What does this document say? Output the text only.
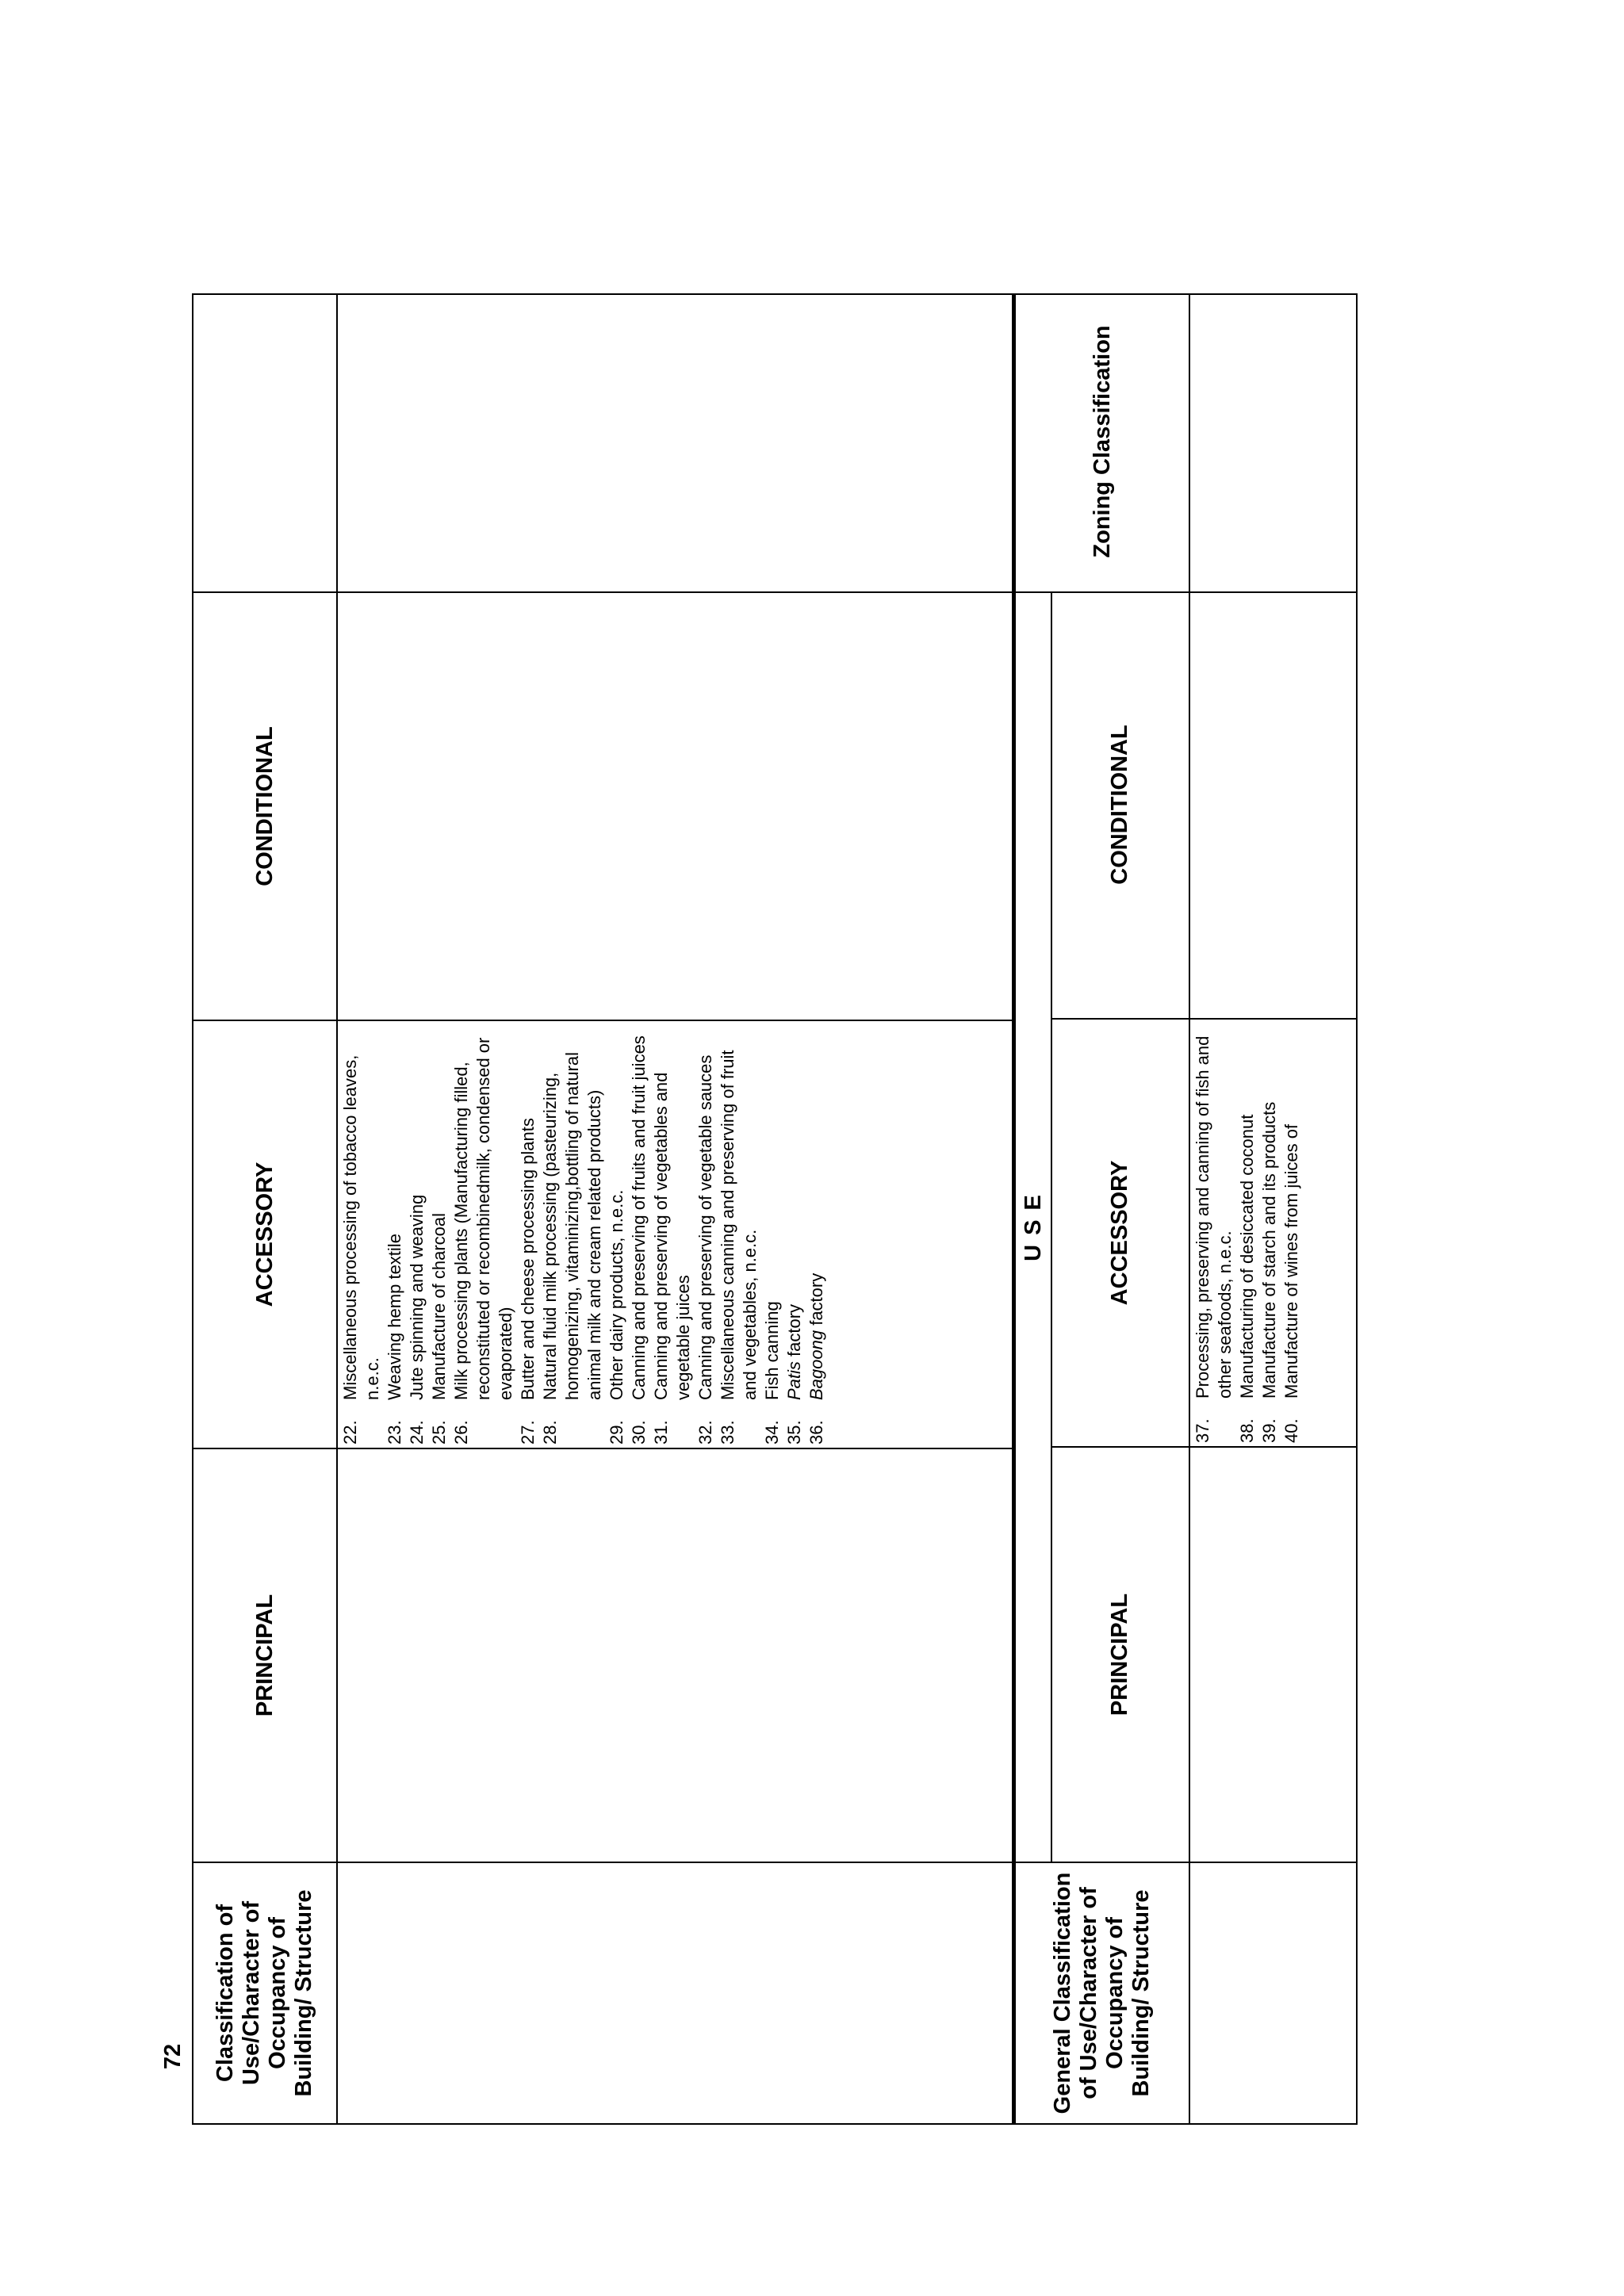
72	Classification of Use/Character of Occupancy of Building/ Structure
PRINCIPAL
ACCESSORY
22.
Miscellaneous processing of tobacco leaves, n.e.c.
23.
Weaving hemp textile
24.
Jute spinning and weaving
25.
Manufacture of charcoal
26.
Milk processing plants (Manufacturing filled, reconstituted or recombinedmilk, condensed or evaporated)
27.
Butter and cheese processing plants
28.
Natural fluid milk processing (pasteurizing, homogenizing, vitaminizing,bottling of natural animal milk and cream related products)
29.
Other dairy products, n.e.c.
30.
Canning and preserving of fruits and fruit juices
31.
Canning and preserving of vegetables and vegetable juices
32.
Canning and preserving of vegetable sauces
33.
Miscellaneous canning and preserving of fruit and vegetables, n.e.c.
34.
Fish canning
35.
Patis factory
36.
Bagoong factory
CONDITIONAL
General Classification of Use/Character of Occupancy of Building/ Structure
U S E
PRINCIPAL
ACCESSORY
37.
Processing, preserving and canning of fish and other seafoods, n.e.c.
38.
Manufacturing of desiccated coconut
39.
Manufacture of starch and its products
40.
Manufacture of wines from juices of
CONDITIONAL
Zoning Classification
